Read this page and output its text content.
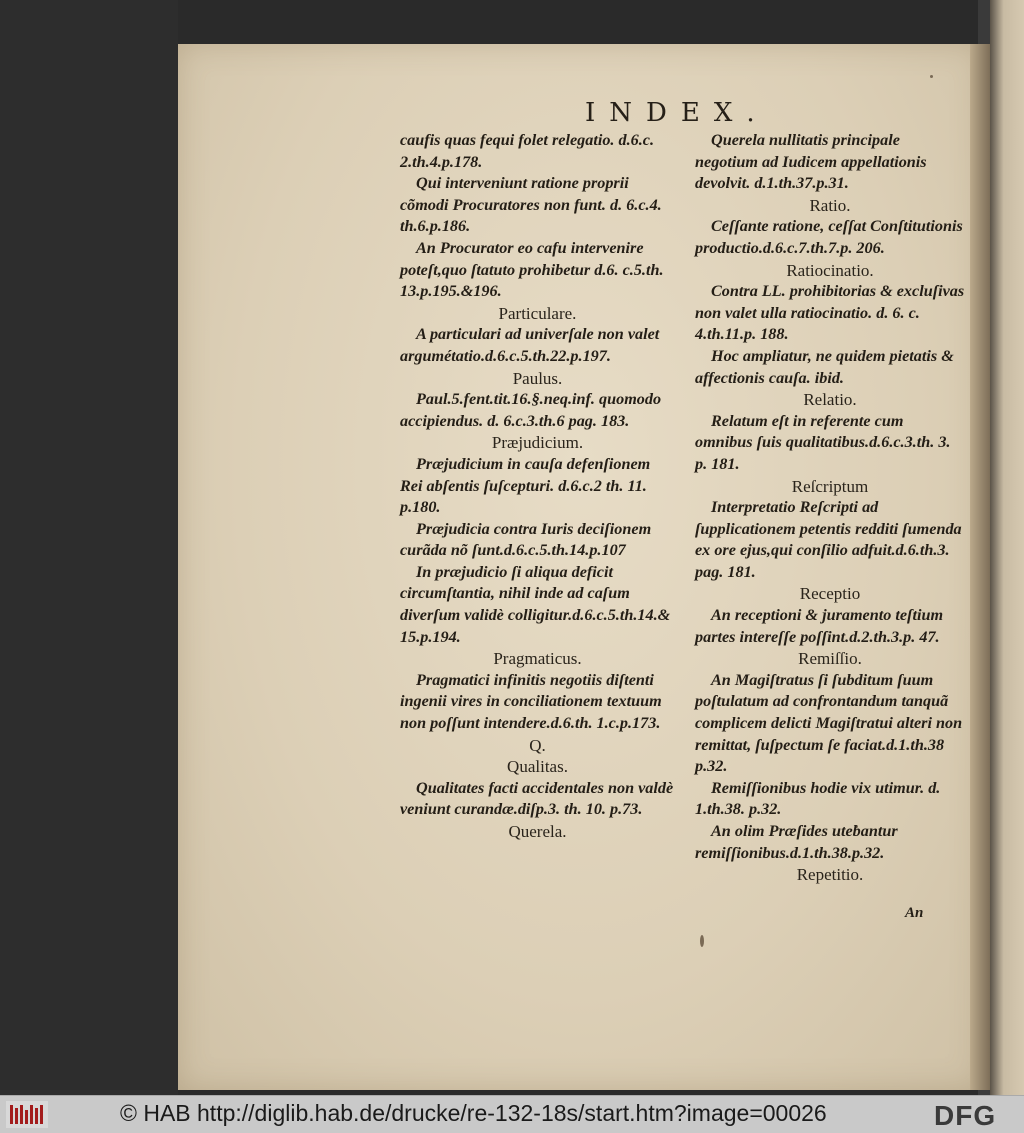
INDEX.

caufis quas fequi folet relegatio. d.6.c. 2.th.4.p.178.

Qui interveniunt ratione proprii cõmodi Procuratores non funt. d. 6.c.4. th.6.p.186.

An Procurator eo cafu intervenire poteſt,quo ſtatuto prohibetur d.6. c.5.th. 13.p.195.&196.

Particulare.

A particulari ad univerſale non valet argumétatio.d.6.c.5.th.22.p.197.

Paulus.

Paul.5.fent.tit.16.§.neq.inf. quomodo accipiendus. d. 6.c.3.th.6 pag. 183.

Præjudicium.

Præjudicium in cauſa defenſionem Rei abſentis ſuſcepturi. d.6.c.2 th. 11. p.180.

Præjudicia contra Iuris deciſionem curãda nõ ſunt.d.6.c.5.th.14.p.107

In præjudicio ſi aliqua deficit circumſtantia, nihil inde ad caſum diverſum validè colligitur.d.6.c.5.th.14.& 15.p.194.

Pragmaticus.

Pragmatici infinitis negotiis diſtenti ingenii vires in conciliationem textuum non poſſunt intendere.d.6.th. 1.c.p.173.

Q.

Qualitas.

Qualitates facti accidentales non valdè veniunt curandæ.diſp.3. th. 10. p.73.

Querela.

Querela nullitatis principale negotium ad Iudicem appellationis devolvit. d.1.th.37.p.31.

Ratio.

Ceſſante ratione, ceſſat Conſtitutionis productio.d.6.c.7.th.7.p. 206.

Ratiocinatio.

Contra LL. prohibitorias & excluſivas non valet ulla ratiocinatio. d. 6. c. 4.th.11.p. 188.

Hoc ampliatur, ne quidem pietatis & affectionis cauſa. ibid.

Relatio.

Relatum eſt in referente cum omnibus ſuis qualitatibus.d.6.c.3.th. 3. p. 181.

Reſcriptum

Interpretatio Reſcripti ad ſupplicationem petentis redditi ſumenda ex ore ejus,qui conſilio adfuit.d.6.th.3. pag. 181.

Receptio

An receptioni & juramento teſtium partes intereſſe poſſint.d.2.th.3.p. 47.

Remiſſio.

An Magiſtratus ſi ſubditum ſuum poſtulatum ad confrontandum tanquã complicem delicti Magiſtratui alteri non remittat, ſuſpectum ſe faciat.d.1.th.38 p.32.

Remiſſionibus hodie vix utimur. d. 1.th.38. p.32.

An olim Præſides utebantur remiſſionibus.d.1.th.38.p.32.

Repetitio.

An
© HAB http://diglib.hab.de/drucke/re-132-18s/start.htm?image=00026	DFG
